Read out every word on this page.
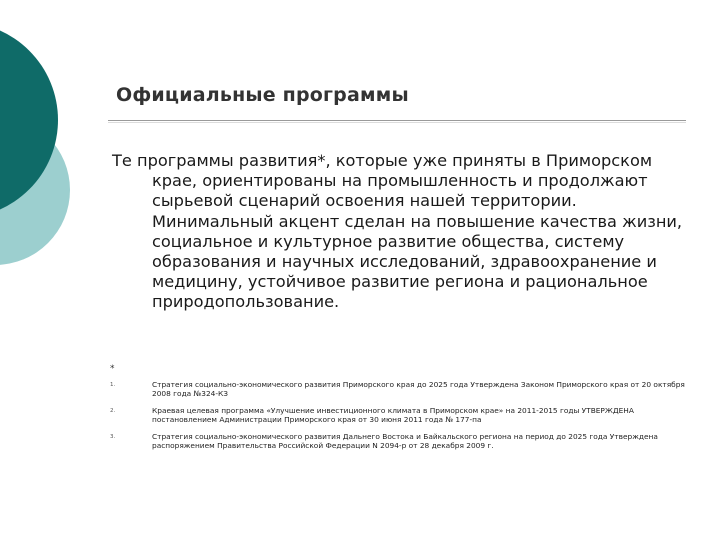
Официальные программы

Те программы развития*, которые уже приняты в Приморском крае, ориентированы на промышленность и продолжают сырьевой сценарий освоения нашей территории. Минимальный акцент сделан на повышение качества жизни, социальное и культурное развитие общества, систему образования и научных исследований, здравоохранение и медицину, устойчивое развитие региона и рациональное природопользование.

*
1.	Стратегия социально-экономического развития Приморского края до 2025 года Утверждена Законом Приморского края от 20 октября 2008 года №324-КЗ
2.	Краевая целевая программа «Улучшение инвестиционного климата в Приморском крае» на 2011-2015 годы УТВЕРЖДЕНА постановлением Администрации Приморского края от 30 июня 2011 года № 177-па
3.	Стратегия социально-экономического развития Дальнего Востока и Байкальского региона на период до 2025 года Утверждена распоряжением Правительства Российской Федерации N 2094-р от 28 декабря 2009 г.
